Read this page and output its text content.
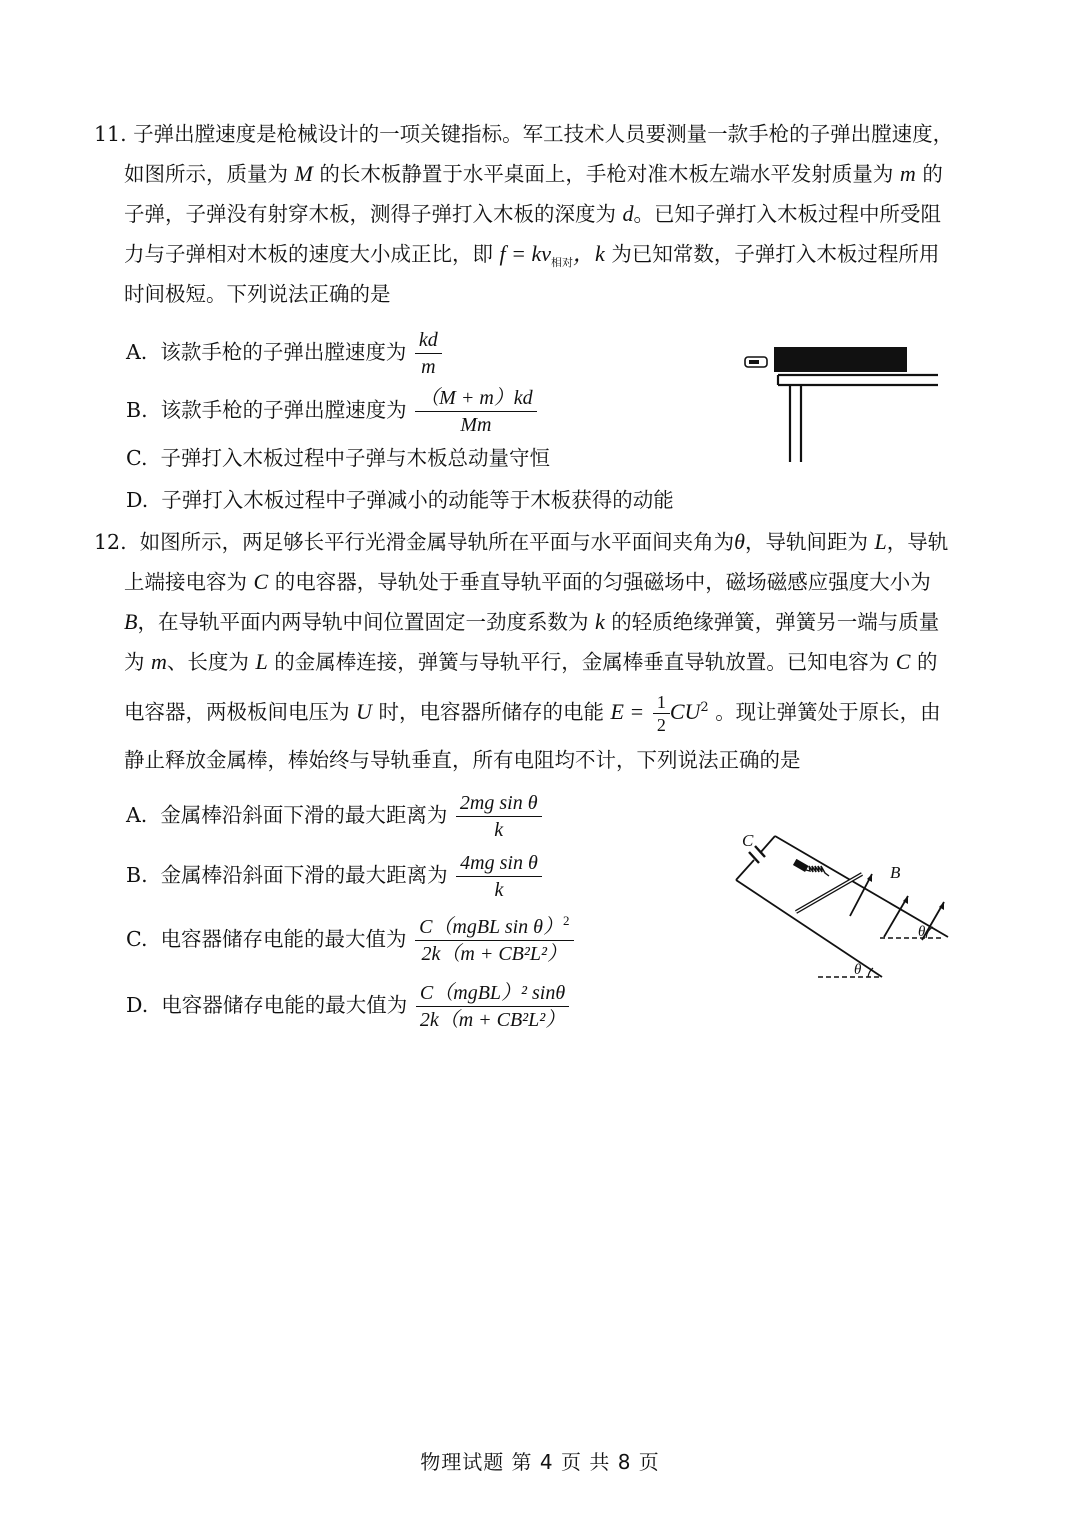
11. 子弹出膛速度是枪械设计的一项关键指标。军工技术人员要测量一款手枪的子弹出膛速度，
如图所示，质量为 M 的长木板静置于水平桌面上，手枪对准木板左端水平发射质量为 m 的
子弹，子弹没有射穿木板，测得子弹打入木板的深度为 d。已知子弹打入木板过程中所受阻
力与子弹相对木板的速度大小成正比，即 $f = kv_{相对}$，k 为已知常数，子弹打入木板过程所用
时间极短。下列说法正确的是
A. 该款手枪的子弹出膛速度为 $\frac{kd}{m}$
B. 该款手枪的子弹出膛速度为 $\frac{(M + m)kd}{Mm}$
C. 子弹打入木板过程中子弹与木板总动量守恒
D. 子弹打入木板过程中子弹减小的动能等于木板获得的动能
12. 如图所示，两足够长平行光滑金属导轨所在平面与水平面间夹角为θ，导轨间距为 L，导轨
上端接电容为 C 的电容器，导轨处于垂直导轨平面的匀强磁场中，磁场磁感应强度大小为
B，在导轨平面内两导轨中间位置固定一劲度系数为 k 的轻质绝缘弹簧，弹簧另一端与质量
为 m、长度为 L 的金属棒连接，弹簧与导轨平行，金属棒垂直导轨放置。已知电容为 C 的
电容器，两极板间电压为 U 时，电容器所储存的电能 $E = \frac{1}{2} CU^2$ 。现让弹簧处于原长，由
静止释放金属棒，棒始终与导轨垂直，所有电阻均不计，下列说法正确的是
A. 金属棒沿斜面下滑的最大距离为 $\frac{\text{2mg sin θ}}{k}$
B. 金属棒沿斜面下滑的最大距离为 $\frac{\text{4mg sin θ}}{k}$
C. 电容器储存电能的最大值为 $\frac{C(mgBL \sin \theta)^2}{\text{2k（m + CB²L²）}}$
D. 电容器储存电能的最大值为 $\frac{\text{C（mgBL）² sinθ}}{\text{2k（m + CB²L²）}}$
C
B
θ
θ
物理试题 第 4 页 共 8 页
